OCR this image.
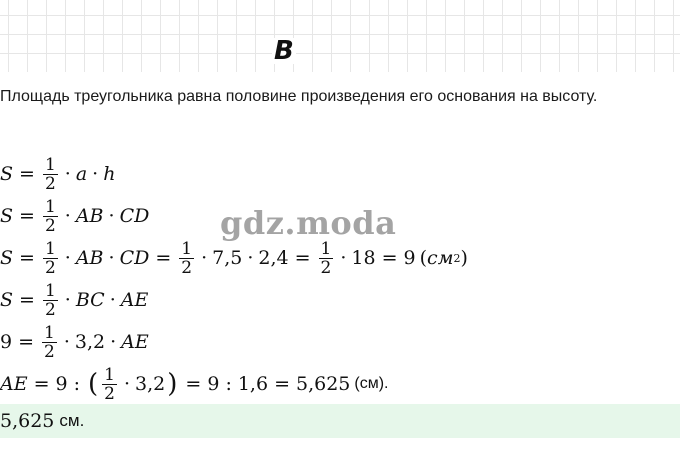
В
Площадь треугольника равна половине произведения его основания на высоту.
$S = \frac{1}{2} \cdot a \cdot h$
$S = \frac{1}{2}$ · AB · CD
$S = \frac{1}{2}$ · AB · CD = $\frac{1}{2} \cdot 7,5 \cdot 2,4 = \frac{1}{2} \cdot 18 = 9$ ( см 2 )
$S = \frac{1}{2}$ · BC · AE
$9 = \frac{1}{2} \cdot 3,2$ · AE
AE = 9 : ( $\frac{1}{2} \cdot 3,2$ ) = 9 : 1,6 = 5,625 (см).
5,625 см.
gdz.moda
